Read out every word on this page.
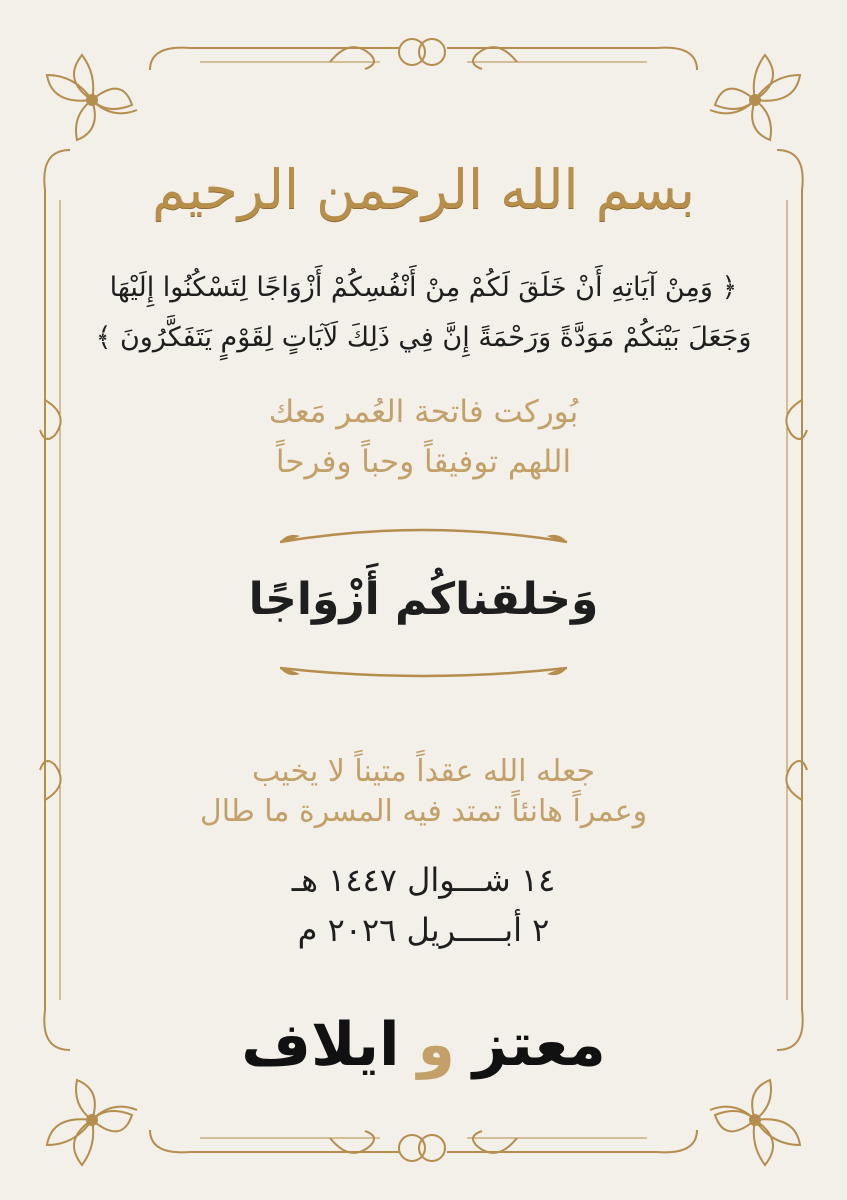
بسم الله الرحمن الرحيم
﴿ وَمِنْ آيَاتِهِ أَنْ خَلَقَ لَكُمْ مِنْ أَنْفُسِكُمْ أَزْوَاجًا لِتَسْكُنُوا إِلَيْهَا
وَجَعَلَ بَيْنَكُمْ مَوَدَّةً وَرَحْمَةً إِنَّ فِي ذَلِكَ لَآيَاتٍ لِقَوْمٍ يَتَفَكَّرُونَ ﴾
بُوركت فاتحة العُمر مَعك
اللهم توفيقاً وحباً وفرحاً
وَخلقناكُم أَزْوَاجًا
جعله الله عقداً متيناً لا يخيب
وعمراً هانئاً تمتد فيه المسرة ما طال
١٤ شـــوال ١٤٤٧ هـ
٢ أبـــــريل ٢٠٢٦ م
معتزوايلاف
